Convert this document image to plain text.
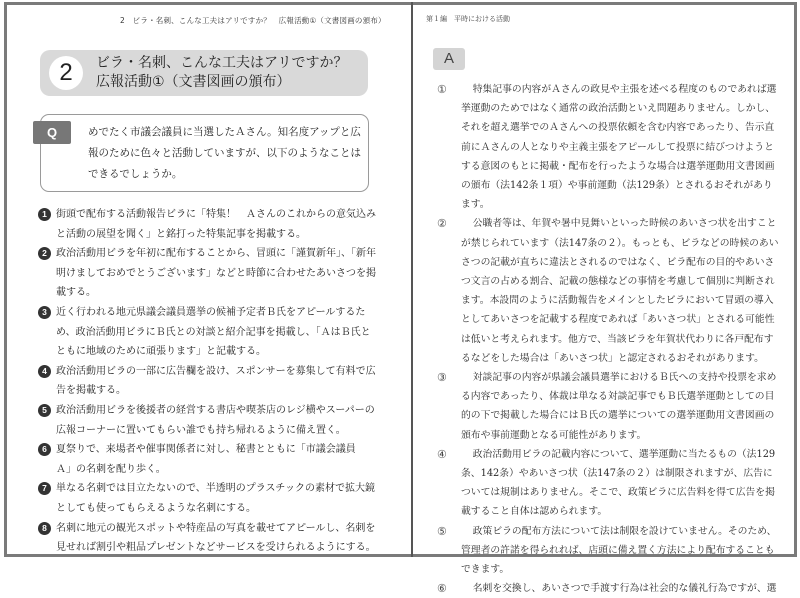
2　ビラ・名刺、こんな工夫はアリですか？　広報活動①（文書図画の頒布）
2	ビラ・名刺、こんな工夫はアリですか？
広報活動①（文書図画の頒布）
Q	めでたく市議会議員に当選したＡさん。知名度アップと広報のために色々と活動していますが、以下のようなことはできるでしょうか。
1 街頭で配布する活動報告ビラに「特集！　Ａさんのこれからの意気込みと活動の展望を聞く」と銘打った特集記事を掲載する。
2 政治活動用ビラを年初に配布することから、冒頭に「謹賀新年」、「新年明けましておめでとうございます」などと時節に合わせたあいさつを掲載する。
3 近く行われる地元県議会議員選挙の候補予定者Ｂ氏をアピールするため、政治活動用ビラにＢ氏との対談と紹介記事を掲載し、「ＡはＢ氏とともに地域のために頑張ります」と記載する。
4 政治活動用ビラの一部に広告欄を設け、スポンサーを募集して有料で広告を掲載する。
5 政治活動用ビラを後援者の経営する書店や喫茶店のレジ横やスーパーの広報コーナーに置いてもらい誰でも持ち帰れるように備え置く。
6 夏祭りで、来場者や催事関係者に対し、秘書とともに「市議会議員　Ａ」の名刺を配り歩く。
7 単なる名刺では目立たないので、半透明のプラスチックの素材で拡大鏡としても使ってもらえるような名刺にする。
8 名刺に地元の観光スポットや特産品の写真を載せてアピールし、名刺を見せれば割引や粗品プレゼントなどサービスを受けられるようにする。
第１編　平時における活動
A
①	特集記事の内容がＡさんの政見や主張を述べる程度のものであれば選挙運動のためではなく通常の政治活動といえ問題ありません。しかし、それを超え選挙でのＡさんへの投票依頼を含む内容であったり、告示直前にＡさんの人となりや主義主張をアピールして投票に結びつけようとする意図のもとに掲載・配布を行ったような場合は選挙運動用文書図画の頒布（法142条１項）や事前運動（法129条）とされるおそれがあります。
②	公職者等は、年賀や暑中見舞いといった時候のあいさつ状を出すことが禁じられています（法147条の２）。もっとも、ビラなどの時候のあいさつの記載が直ちに違法とされるのではなく、ビラ配布の目的やあいさつ文言の占める割合、記載の態様などの事情を考慮して個別に判断されます。本設問のように活動報告をメインとしたビラにおいて冒頭の導入としてあいさつを記載する程度であれば「あいさつ状」とされる可能性は低いと考えられます。他方で、当該ビラを年賀状代わりに各戸配布するなどをした場合は「あいさつ状」と認定されるおそれがあります。
③	対談記事の内容が県議会議員選挙におけるＢ氏への支持や投票を求める内容であったり、体裁は単なる対談記事でもＢ氏選挙運動としての目的の下で掲載した場合にはＢ氏の選挙についての選挙運動用文書図画の頒布や事前運動となる可能性があります。
④	政治活動用ビラの記載内容について、選挙運動に当たるもの（法129条、142条）やあいさつ状（法147条の２）は制限されますが、広告については規制はありません。そこで、政策ビラに広告料を得て広告を掲載すること自体は認められます。
⑤	政策ビラの配布方法について法は制限を設けていません。そのため、管理者の許諾を得られれば、店頭に備え置く方法により配布することもできます。
⑥	名刺を交換し、あいさつで手渡す行為は社会的な儀礼行為ですが、選
